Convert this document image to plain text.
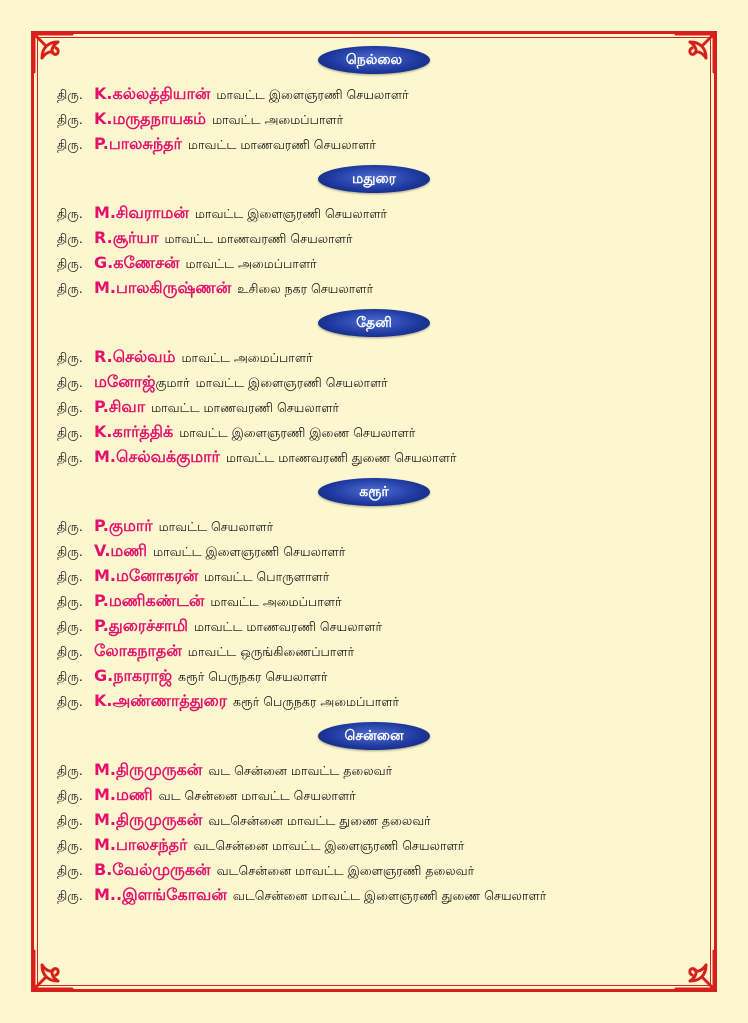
நெல்லை
திரு. K.கல்லத்தியான் மாவட்ட இளைஞரணி செயலாளர்
திரு. K.மருதநாயகம் மாவட்ட அமைப்பாளர்
திரு. P.பாலசுந்தர் மாவட்ட மாணவரணி செயலாளர்
மதுரை
திரு. M.சிவராமன் மாவட்ட இளைஞரணி செயலாளர்
திரு. R.சூர்யா மாவட்ட மாணவரணி செயலாளர்
திரு. G.கணேசன் மாவட்ட அமைப்பாளர்
திரு. M.பாலகிருஷ்ணன் உசிலை நகர செயலாளர்
தேனி
திரு. R.செல்வம் மாவட்ட அமைப்பாளர்
திரு. மனோஜ்குமார் மாவட்ட இளைஞரணி செயலாளர்
திரு. P.சிவா மாவட்ட மாணவரணி செயலாளர்
திரு. K.கார்த்திக் மாவட்ட இளைஞரணி இணை செயலாளர்
திரு. M.செல்வக்குமார் மாவட்ட மாணவரணி துணை செயலாளர்
கரூர்
திரு. P.குமார் மாவட்ட செயலாளர்
திரு. V.மணி மாவட்ட இளைஞரணி செயலாளர்
திரு. M.மனோகரன் மாவட்ட பொருளாளர்
திரு. P.மணிகண்டன் மாவட்ட அமைப்பாளர்
திரு. P.துரைச்சாமி மாவட்ட மாணவரணி செயலாளர்
திரு. லோகநாதன் மாவட்ட ஒருங்கிணைப்பாளர்
திரு. G.நாகராஜ் கரூர் பெருநகர செயலாளர்
திரு. K.அண்ணாத்துரை கரூர் பெருநகர அமைப்பாளர்
சென்னை
திரு. M.திருமுருகன் வட சென்னை மாவட்ட தலைவர்
திரு. M.மணி வட சென்னை மாவட்ட செயலாளர்
திரு. M.திருமுருகன் வடசென்னை மாவட்ட துணை தலைவர்
திரு. M.பாலசந்தர் வடசென்னை மாவட்ட இளைஞரணி செயலாளர்
திரு. B.வேல்முருகன் வடசென்னை மாவட்ட இளைஞரணி தலைவர்
திரு. M..இளங்கோவன் வடசென்னை மாவட்ட இளைஞரணி துணை செயலாளர்
